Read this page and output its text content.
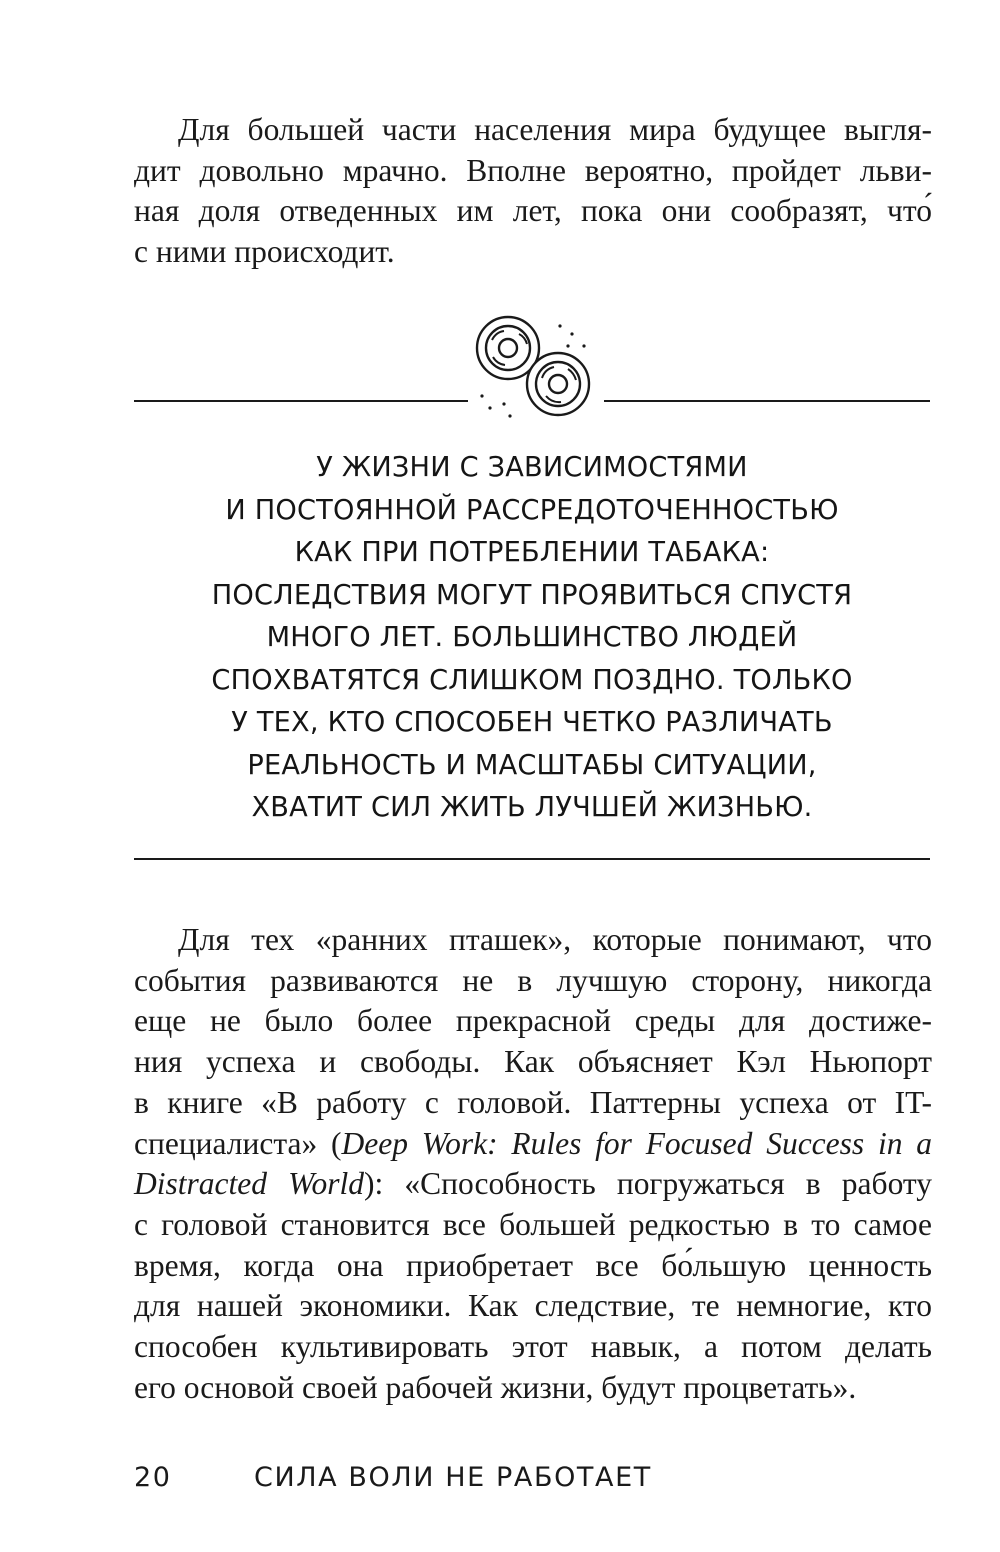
Для большей части населения мира будущее выгля-
дит довольно мрачно. Вполне вероятно, пройдет льви-
ная доля отведенных им лет, пока они сообразят, что́
с ними происходит.

У ЖИЗНИ С ЗАВИСИМОСТЯМИ
И ПОСТОЯННОЙ РАССРЕДОТОЧЕННОСТЬЮ
КАК ПРИ ПОТРЕБЛЕНИИ ТАБАКА:
ПОСЛЕДСТВИЯ МОГУТ ПРОЯВИТЬСЯ СПУСТЯ
МНОГО ЛЕТ. БОЛЬШИНСТВО ЛЮДЕЙ
СПОХВАТЯТСЯ СЛИШКОМ ПОЗДНО. ТОЛЬКО
У ТЕХ, КТО СПОСОБЕН ЧЕТКО РАЗЛИЧАТЬ
РЕАЛЬНОСТЬ И МАСШТАБЫ СИТУАЦИИ,
ХВАТИТ СИЛ ЖИТЬ ЛУЧШЕЙ ЖИЗНЬЮ.

Для тех «ранних пташек», которые понимают, что
события развиваются не в лучшую сторону, никогда
еще не было более прекрасной среды для достиже-
ния успеха и свободы. Как объясняет Кэл Ньюпорт
в книге «В работу с головой. Паттерны успеха от IT-
специалиста» (Deep Work: Rules for Focused Success in a
Distracted World): «Способность погружаться в работу
с головой становится все большей редкостью в то самое
время, когда она приобретает все бо́льшую ценность
для нашей экономики. Как следствие, те немногие, кто
способен культивировать этот навык, а потом делать
его основой своей рабочей жизни, будут процветать».

20	СИЛА ВОЛИ НЕ РАБОТАЕТ
